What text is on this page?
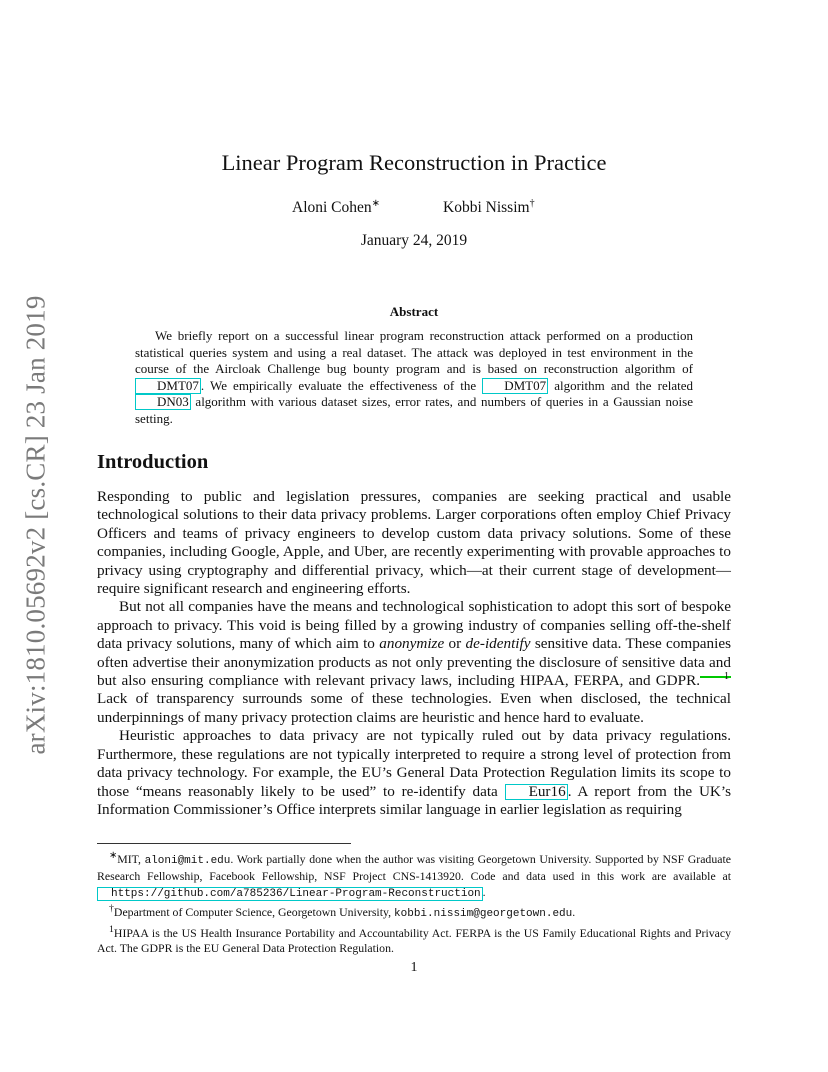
arXiv:1810.05692v2 [cs.CR] 23 Jan 2019
Linear Program Reconstruction in Practice
Aloni Cohen∗	Kobbi Nissim†
January 24, 2019
Abstract
We briefly report on a successful linear program reconstruction attack performed on a production statistical queries system and using a real dataset. The attack was deployed in test environment in the course of the Aircloak Challenge bug bounty program and is based on reconstruction algorithm of DMT07 . We empirically evaluate the effectiveness of the DMT07 algorithm and the related DN03 algorithm with various dataset sizes, error rates, and numbers of queries in a Gaussian noise setting.
Introduction

Responding to public and legislation pressures, companies are seeking practical and usable technological solutions to their data privacy problems. Larger corporations often employ Chief Privacy Officers and teams of privacy engineers to develop custom data privacy solutions. Some of these companies, including Google, Apple, and Uber, are recently experimenting with provable approaches to privacy using cryptography and differential privacy, which—at their current stage of development—require significant research and engineering efforts.

But not all companies have the means and technological sophistication to adopt this sort of bespoke approach to privacy. This void is being filled by a growing industry of companies selling off-the-shelf data privacy solutions, many of which aim to anonymize or de-identify sensitive data. These companies often advertise their anonymization products as not only preventing the disclosure of sensitive data and but also ensuring compliance with relevant privacy laws, including HIPAA, FERPA, and GDPR. 1 Lack of transparency surrounds some of these technologies. Even when disclosed, the technical underpinnings of many privacy protection claims are heuristic and hence hard to evaluate.

Heuristic approaches to data privacy are not typically ruled out by data privacy regulations. Furthermore, these regulations are not typically interpreted to require a strong level of protection from data privacy technology. For example, the EU’s General Data Protection Regulation limits its scope to those “means reasonably likely to be used” to re-identify data Eur16 . A report from the UK’s Information Commissioner’s Office interprets similar language in earlier legislation as requiring

∗MIT, aloni@mit.edu. Work partially done when the author was visiting Georgetown University. Supported by NSF Graduate Research Fellowship, Facebook Fellowship, NSF Project CNS-1413920. Code and data used in this work are available at https://github.com/a785236/Linear-Program-Reconstruction .

†Department of Computer Science, Georgetown University, kobbi.nissim@georgetown.edu.

$^1$HIPAA is the US Health Insurance Portability and Accountability Act. FERPA is the US Family Educational Rights and Privacy Act. The GDPR is the EU General Data Protection Regulation.

1
